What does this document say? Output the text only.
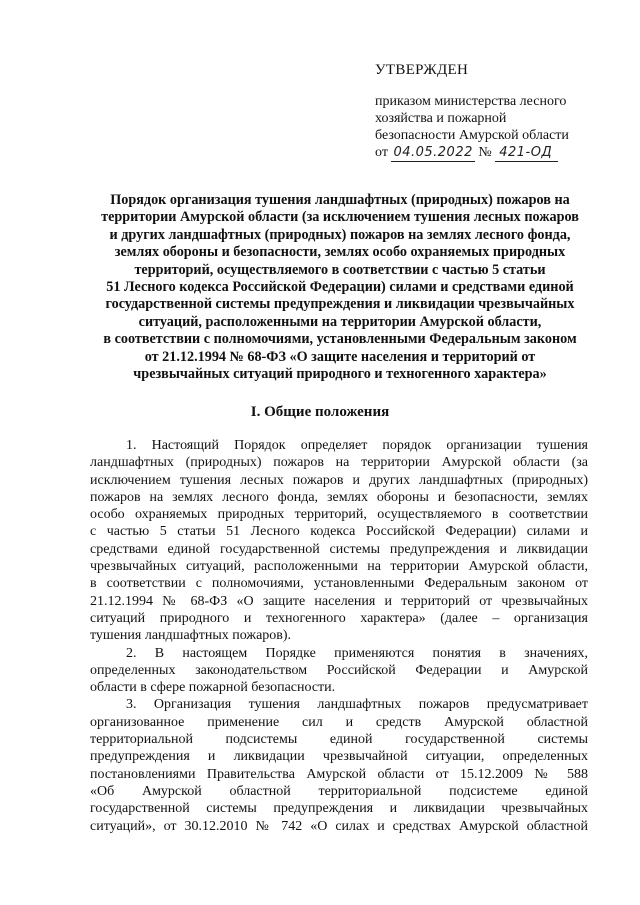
УТВЕРЖДЕН
приказом министерства лесного
хозяйства и пожарной
безопасности Амурской области
от 04.05.2022 № 421-ОД
Порядок организация тушения ландшафтных (природных) пожаров на
территории Амурской области (за исключением тушения лесных пожаров
и других ландшафтных (природных) пожаров на землях лесного фонда,
землях обороны и безопасности, землях особо охраняемых природных
территорий, осуществляемого в соответствии с частью 5 статьи
51 Лесного кодекса Российской Федерации) силами и средствами единой
государственной системы предупреждения и ликвидации чрезвычайных
ситуаций, расположенными на территории Амурской области,
в соответствии с полномочиями, установленными Федеральным законом
от 21.12.1994 № 68-ФЗ «О защите населения и территорий от
чрезвычайных ситуаций природного и техногенного характера»
I. Общие положения
1. Настоящий Порядок определяет порядок организации тушения
ландшафтных (природных) пожаров на территории Амурской области (за
исключением тушения лесных пожаров и других ландшафтных (природных)
пожаров на землях лесного фонда, землях обороны и безопасности, землях
особо охраняемых природных территорий, осуществляемого в соответствии
с частью 5 статьи 51 Лесного кодекса Российской Федерации) силами и
средствами единой государственной системы предупреждения и ликвидации
чрезвычайных ситуаций, расположенными на территории Амурской области,
в соответствии с полномочиями, установленными Федеральным законом от
21.12.1994 № 68-ФЗ «О защите населения и территорий от чрезвычайных
ситуаций природного и техногенного характера» (далее – организация
тушения ландшафтных пожаров).
2. В настоящем Порядке применяются понятия в значениях,
определенных законодательством Российской Федерации и Амурской
области в сфере пожарной безопасности.
3. Организация тушения ландшафтных пожаров предусматривает
организованное применение сил и средств Амурской областной
территориальной подсистемы единой государственной системы
предупреждения и ликвидации чрезвычайной ситуации, определенных
постановлениями Правительства Амурской области от 15.12.2009 № 588
«Об Амурской областной территориальной подсистеме единой
государственной системы предупреждения и ликвидации чрезвычайных
ситуаций», от 30.12.2010 № 742 «О силах и средствах Амурской областной
